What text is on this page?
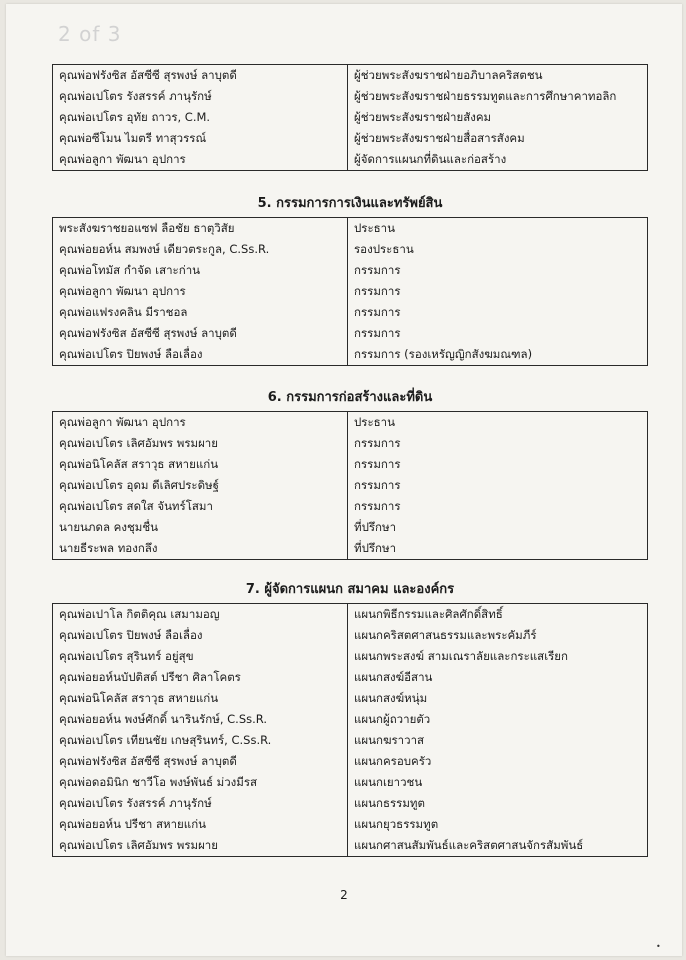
2 of 3
คุณพ่อฟรังซิส อัสซีซี สุรพงษ์ ลาบุตดี	ผู้ช่วยพระสังฆราชฝ่ายอภิบาลคริสตชน
คุณพ่อเปโตร รังสรรค์ ภานุรักษ์	ผู้ช่วยพระสังฆราชฝ่ายธรรมทูตและการศึกษาคาทอลิก
คุณพ่อเปโตร อุทัย ถาวร, C.M.	ผู้ช่วยพระสังฆราชฝ่ายสังคม
คุณพ่อซีโมน ไมตรี ทาสุวรรณ์	ผู้ช่วยพระสังฆราชฝ่ายสื่อสารสังคม
คุณพ่อลูกา พัฒนา อุปการ	ผู้จัดการแผนกที่ดินและก่อสร้าง
5. กรรมการการเงินและทรัพย์สิน
พระสังฆราชยอแซฟ ลือชัย ธาตุวิสัย	ประธาน
คุณพ่อยอห์น สมพงษ์ เดียวตระกูล, C.Ss.R.	รองประธาน
คุณพ่อโทมัส กำจัด เสาะก่าน	กรรมการ
คุณพ่อลูกา พัฒนา อุปการ	กรรมการ
คุณพ่อแฟรงคลิน มีราชอล	กรรมการ
คุณพ่อฟรังซิส อัสซีซี สุรพงษ์ ลาบุตดี	กรรมการ
คุณพ่อเปโตร ปิยพงษ์ ลือเลื่อง	กรรมการ (รองเหรัญญิกสังฆมณฑล)
6. กรรมการก่อสร้างและที่ดิน
คุณพ่อลูกา พัฒนา อุปการ	ประธาน
คุณพ่อเปโตร เลิศอัมพร พรมผาย	กรรมการ
คุณพ่อนิโคลัส สราวุธ สหายแก่น	กรรมการ
คุณพ่อเปโตร อุดม ดีเลิศประดิษฐ์	กรรมการ
คุณพ่อเปโตร สดใส จันทร์โสมา	กรรมการ
นายนภดล คงชุมชื่น	ที่ปรึกษา
นายธีระพล ทองกลึง	ที่ปรึกษา
7. ผู้จัดการแผนก สมาคม และองค์กร
คุณพ่อเปาโล กิตติคุณ เสมามอญ	แผนกพิธีกรรมและศิลศักดิ์สิทธิ์
คุณพ่อเปโตร ปิยพงษ์ ลือเลื่อง	แผนกคริสตศาสนธรรมและพระคัมภีร์
คุณพ่อเปโตร สุรินทร์ อยู่สุข	แผนกพระสงฆ์ สามเณราลัยและกระแสเรียก
คุณพ่อยอห์นบัปติสต์ ปรีชา ศิลาโคตร	แผนกสงฆ์อีสาน
คุณพ่อนิโคลัส สราวุธ สหายแก่น	แผนกสงฆ์หนุ่ม
คุณพ่อยอห์น พงษ์ศักดิ์ นารินรักษ์, C.Ss.R.	แผนกผู้ถวายตัว
คุณพ่อเปโตร เทียนชัย เกษสุรินทร์, C.Ss.R.	แผนกฆราวาส
คุณพ่อฟรังซิส อัสซีซี สุรพงษ์ ลาบุตดี	แผนกครอบครัว
คุณพ่อดอมินิก ชาวีโอ พงษ์พันธ์ ม่วงมีรส	แผนกเยาวชน
คุณพ่อเปโตร รังสรรค์ ภานุรักษ์	แผนกธรรมทูต
คุณพ่อยอห์น ปรีชา สหายแก่น	แผนกยุวธรรมทูต
คุณพ่อเปโตร เลิศอัมพร พรมผาย	แผนกศาสนสัมพันธ์และคริสตศาสนจักรสัมพันธ์
2
•
